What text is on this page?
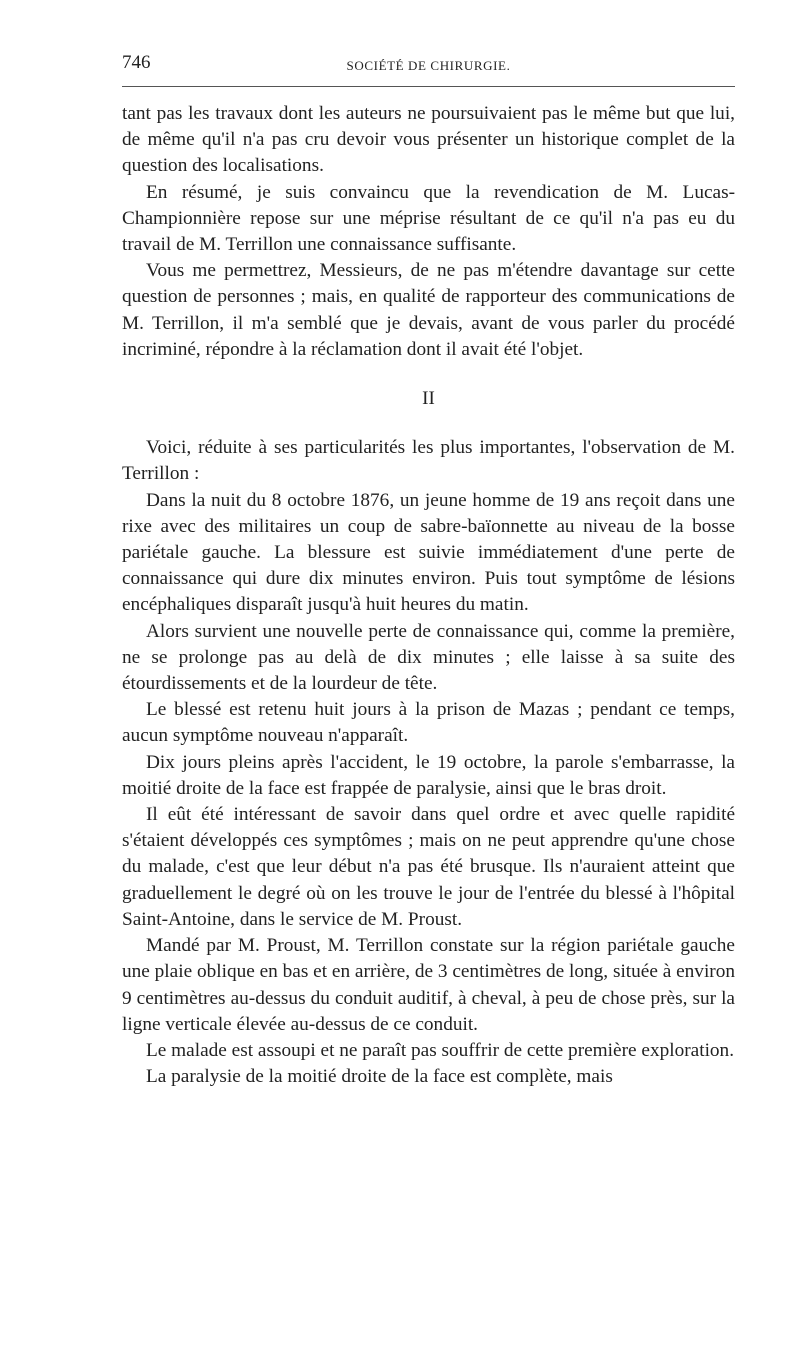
746	SOCIÉTÉ DE CHIRURGIE.

tant pas les travaux dont les auteurs ne poursuivaient pas le même but que lui, de même qu'il n'a pas cru devoir vous présenter un historique complet de la question des localisations.

En résumé, je suis convaincu que la revendication de M. Lucas-Championnière repose sur une méprise résultant de ce qu'il n'a pas eu du travail de M. Terrillon une connaissance suffisante.

Vous me permettrez, Messieurs, de ne pas m'étendre davantage sur cette question de personnes ; mais, en qualité de rapporteur des communications de M. Terrillon, il m'a semblé que je devais, avant de vous parler du procédé incriminé, répondre à la réclamation dont il avait été l'objet.

II

Voici, réduite à ses particularités les plus importantes, l'observation de M. Terrillon :

Dans la nuit du 8 octobre 1876, un jeune homme de 19 ans reçoit dans une rixe avec des militaires un coup de sabre-baïonnette au niveau de la bosse pariétale gauche. La blessure est suivie immédiatement d'une perte de connaissance qui dure dix minutes environ. Puis tout symptôme de lésions encéphaliques disparaît jusqu'à huit heures du matin.

Alors survient une nouvelle perte de connaissance qui, comme la première, ne se prolonge pas au delà de dix minutes ; elle laisse à sa suite des étourdissements et de la lourdeur de tête.

Le blessé est retenu huit jours à la prison de Mazas ; pendant ce temps, aucun symptôme nouveau n'apparaît.

Dix jours pleins après l'accident, le 19 octobre, la parole s'embarrasse, la moitié droite de la face est frappée de paralysie, ainsi que le bras droit.

Il eût été intéressant de savoir dans quel ordre et avec quelle rapidité s'étaient développés ces symptômes ; mais on ne peut apprendre qu'une chose du malade, c'est que leur début n'a pas été brusque. Ils n'auraient atteint que graduellement le degré où on les trouve le jour de l'entrée du blessé à l'hôpital Saint-Antoine, dans le service de M. Proust.

Mandé par M. Proust, M. Terrillon constate sur la région pariétale gauche une plaie oblique en bas et en arrière, de 3 centimètres de long, située à environ 9 centimètres au-dessus du conduit auditif, à cheval, à peu de chose près, sur la ligne verticale élevée au-dessus de ce conduit.

Le malade est assoupi et ne paraît pas souffrir de cette première exploration.

La paralysie de la moitié droite de la face est complète, mais
